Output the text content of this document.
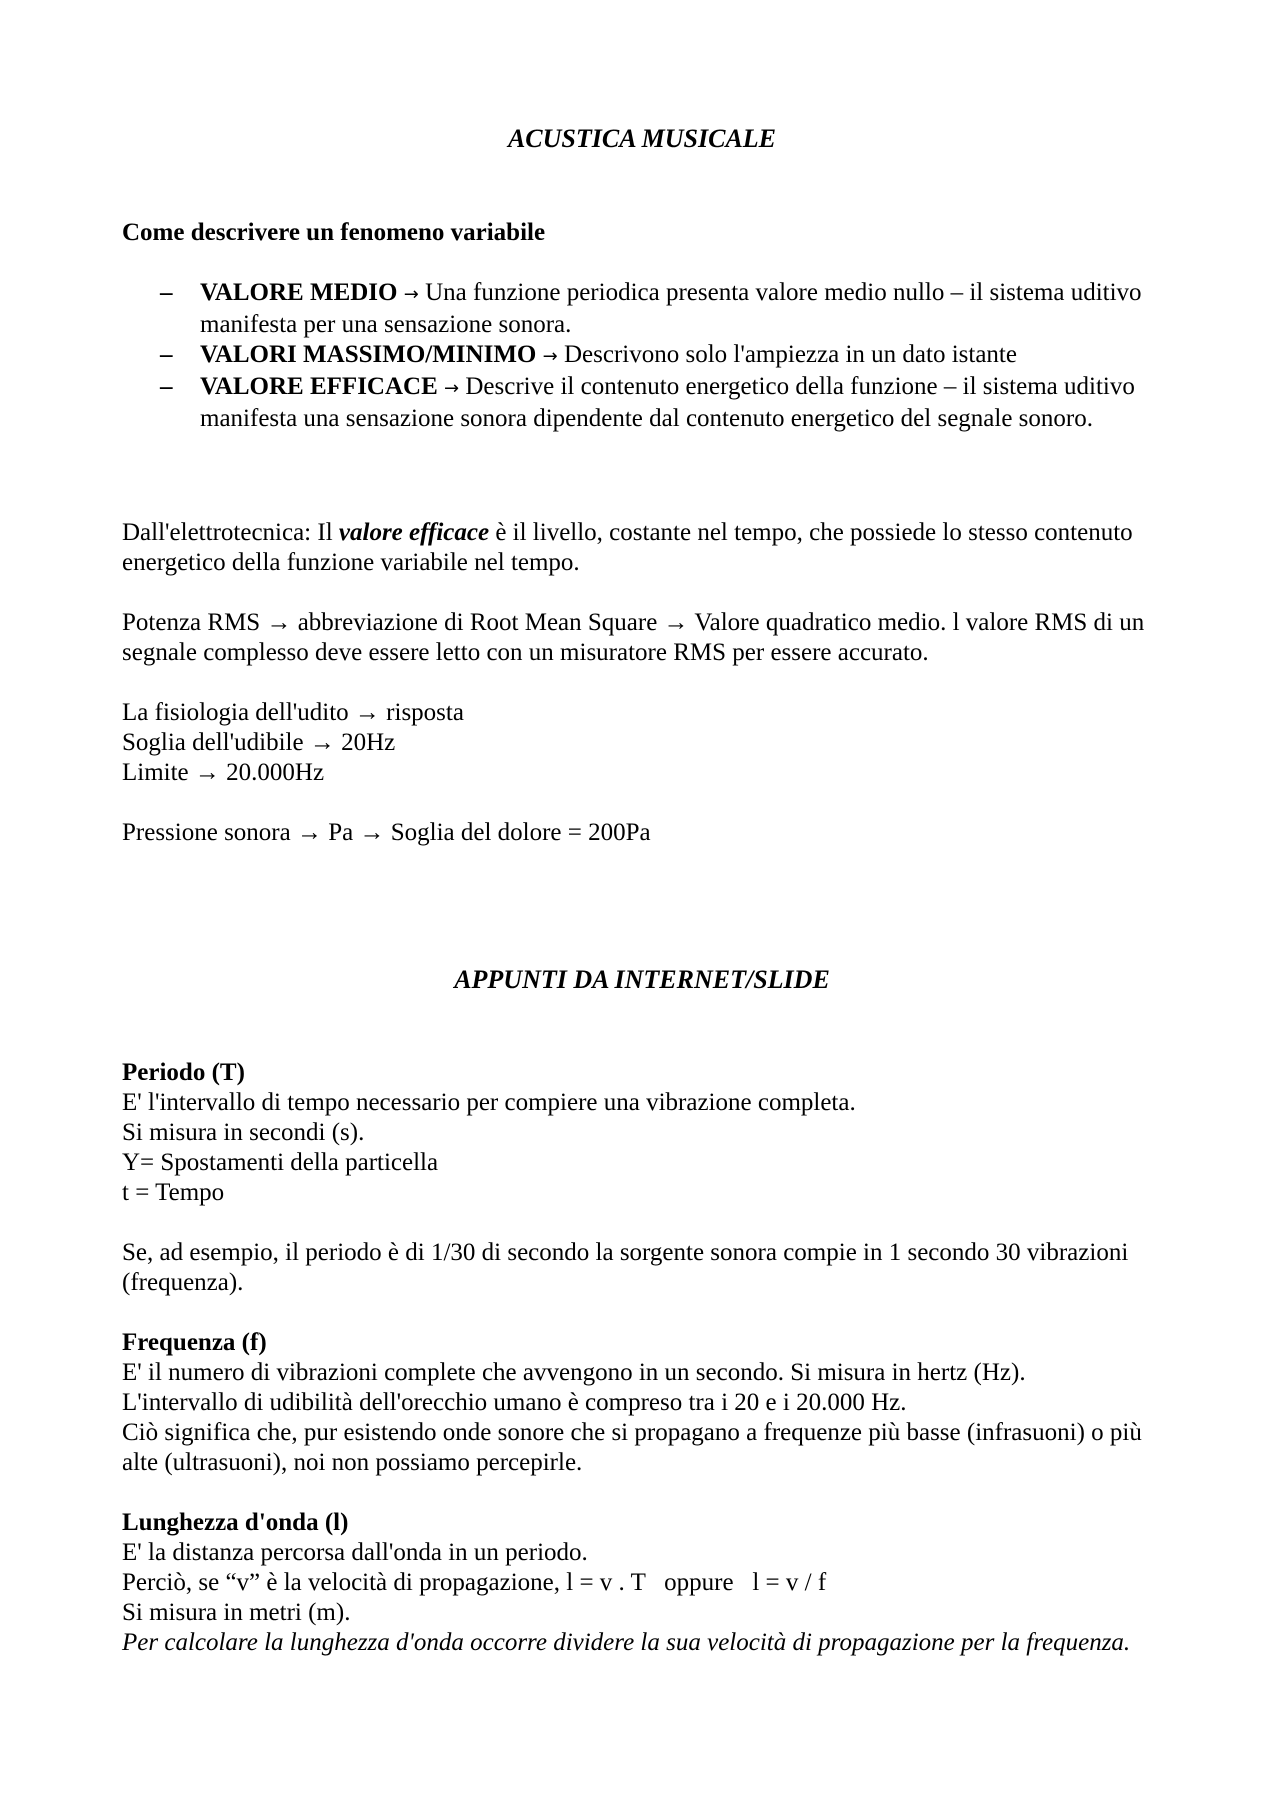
ACUSTICA MUSICALE

Come descrivere un fenomeno variabile

– VALORE MEDIO → Una funzione periodica presenta valore medio nullo – il sistema uditivo manifesta per una sensazione sonora.
– VALORI MASSIMO/MINIMO → Descrivono solo l'ampiezza in un dato istante
– VALORE EFFICACE → Descrive il contenuto energetico della funzione – il sistema uditivo manifesta una sensazione sonora dipendente dal contenuto energetico del segnale sonoro.

Dall'elettrotecnica: Il valore efficace è il livello, costante nel tempo, che possiede lo stesso contenuto energetico della funzione variabile nel tempo.

Potenza RMS → abbreviazione di Root Mean Square → Valore quadratico medio. l valore RMS di un segnale complesso deve essere letto con un misuratore RMS per essere accurato.

La fisiologia dell'udito → risposta

Soglia dell'udibile → 20Hz

Limite → 20.000Hz

Pressione sonora → Pa → Soglia del dolore = 200Pa

APPUNTI DA INTERNET/SLIDE

Periodo (T)

E' l'intervallo di tempo necessario per compiere una vibrazione completa.

Si misura in secondi (s).

Y= Spostamenti della particella

t = Tempo

Se, ad esempio, il periodo è di 1/30 di secondo la sorgente sonora compie in 1 secondo 30 vibrazioni (frequenza).

Frequenza (f)

E' il numero di vibrazioni complete che avvengono in un secondo. Si misura in hertz (Hz).

L'intervallo di udibilità dell'orecchio umano è compreso tra i 20 e i 20.000 Hz.

Ciò significa che, pur esistendo onde sonore che si propagano a frequenze più basse (infrasuoni) o più alte (ultrasuoni), noi non possiamo percepirle.

Lunghezza d'onda (l)

E' la distanza percorsa dall'onda in un periodo.

Perciò, se “v” è la velocità di propagazione, l = v . T   oppure   l = v / f

Si misura in metri (m).

Per calcolare la lunghezza d'onda occorre dividere la sua velocità di propagazione per la frequenza.
